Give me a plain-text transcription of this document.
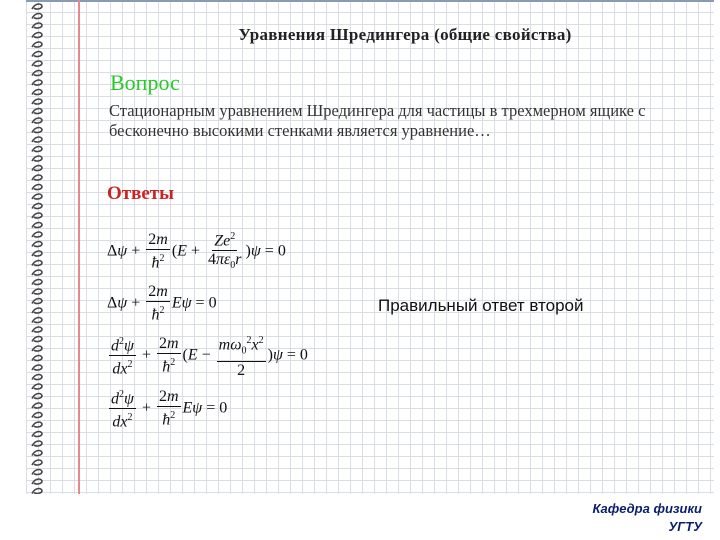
Уравнения Шредингера (общие свойства)
Вопрос
Стационарным уравнением Шредингера для частицы в трехмерном ящике с бесконечно высокими стенками является уравнение…
Ответы
$\Delta\psi + \frac{2m}{ħ^2} (E + \frac{Ze^2}{4\pi\varepsilon_0r} )\psi = 0$
$\Delta\psi + \frac{2m}{ħ^2}$ Eψ = 0
$\frac{d^2\psi}{dx^2} + \frac{2m}{ħ^2} (E - \frac{m\omega_0^2x^2}{2} )\psi = 0$
$\frac{d^2\psi}{dx^2} + \frac{2m}{ħ^2}$ Eψ = 0
Правильный ответ второй
Кафедра физики
УГТУ
